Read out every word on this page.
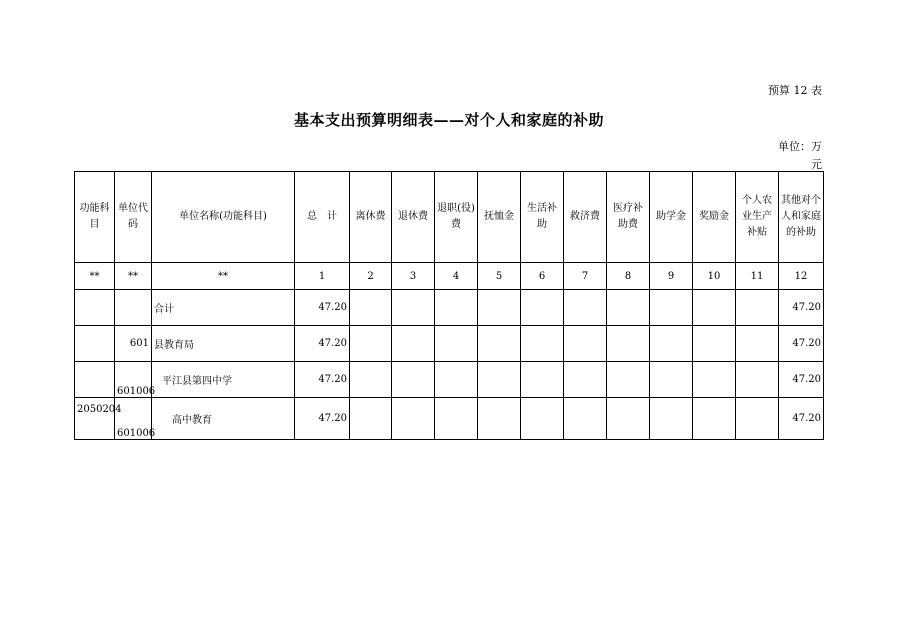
预算 12 表
基本支出预算明细表——对个人和家庭的补助
单位：万
元
功能科目	单位代码	单位名称(功能科目)	总　计	离休费	退休费	退职(役)费	抚恤金	生活补助	救济费	医疗补助费	助学金	奖励金	个人农业生产补贴	其他对个人和家庭的补助
**	**	**	1	2	3	4	5	6	7	8	9	10	11	12
		合计	47.20											47.20
	601	县教育局	47.20											47.20
	601006	平江县第四中学	47.20											47.20
2050204	601006	高中教育	47.20											47.20
